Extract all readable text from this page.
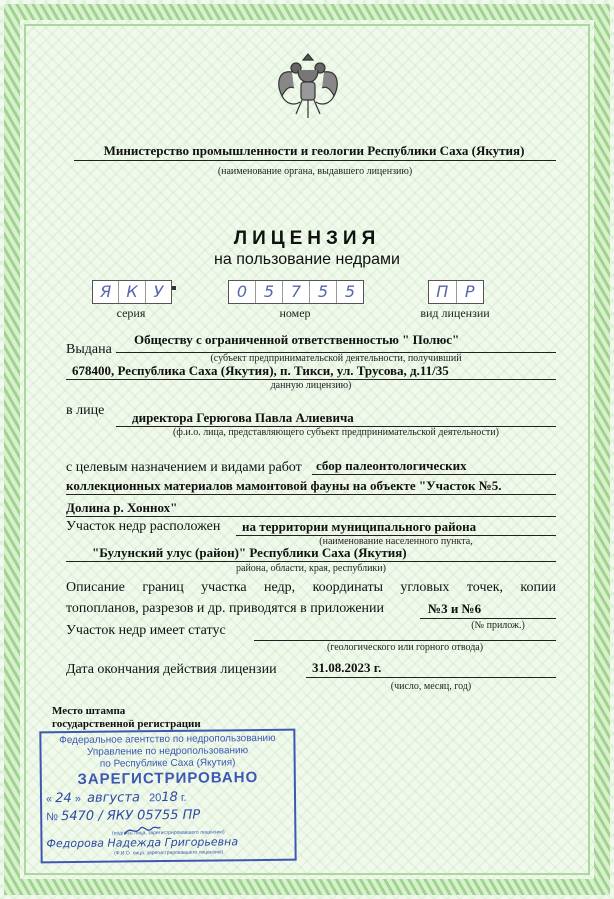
Министерство промышленности и геологии Республики Саха (Якутия)
(наименование органа, выдавшего лицензию)
ЛИЦЕНЗИЯ
на пользование недрами
Я К У
серия
0	5	7	5	5
номер
П	Р
вид лицензии
Выдана
Обществу с ограниченной ответственностью " Полюс"
(субъект предпринимательской деятельности, получивший
678400, Республика Саха (Якутия), п. Тикси, ул. Трусова, д.11/35
данную лицензию)
в лице директора Герюгова Павла Алиевича
(ф.и.о. лица, представляющего субъект предпринимательской деятельности)
с целевым назначением и видами работ сбор палеонтологических
коллекционных материалов мамонтовой фауны на объекте "Участок №5.
Долина р. Хоннох"
Участок недр расположен на территории муниципального района
(наименование населенного пункта,
"Булунский улус (район)" Республики Саха (Якутия)
района, области, края, республики)
Описание границ участка недр, координаты угловых точек, копии
топопланов, разрезов и др. приводятся в приложении	№3 и №6
(№ прилож.)
Участок недр имеет статус
(геологического или горного отвода)
Дата окончания действия лицензии	31.08.2023 г.
(число, месяц, год)
Место штампа
государственной регистрации
Федеральное агентство по недропользованию
Управление по недропользованию
по Республике Саха (Якутия)
ЗАРЕГИСТРИРОВАНО
« 24 »  августа 2018 г.
№ 5470 / ЯКУ 05755 ПР
(подпись лица, зарегистрировавшего лицензию)
Федорова Надежда Григорьевна
(Ф.И.О. лица, зарегистрировавшего лицензию)
